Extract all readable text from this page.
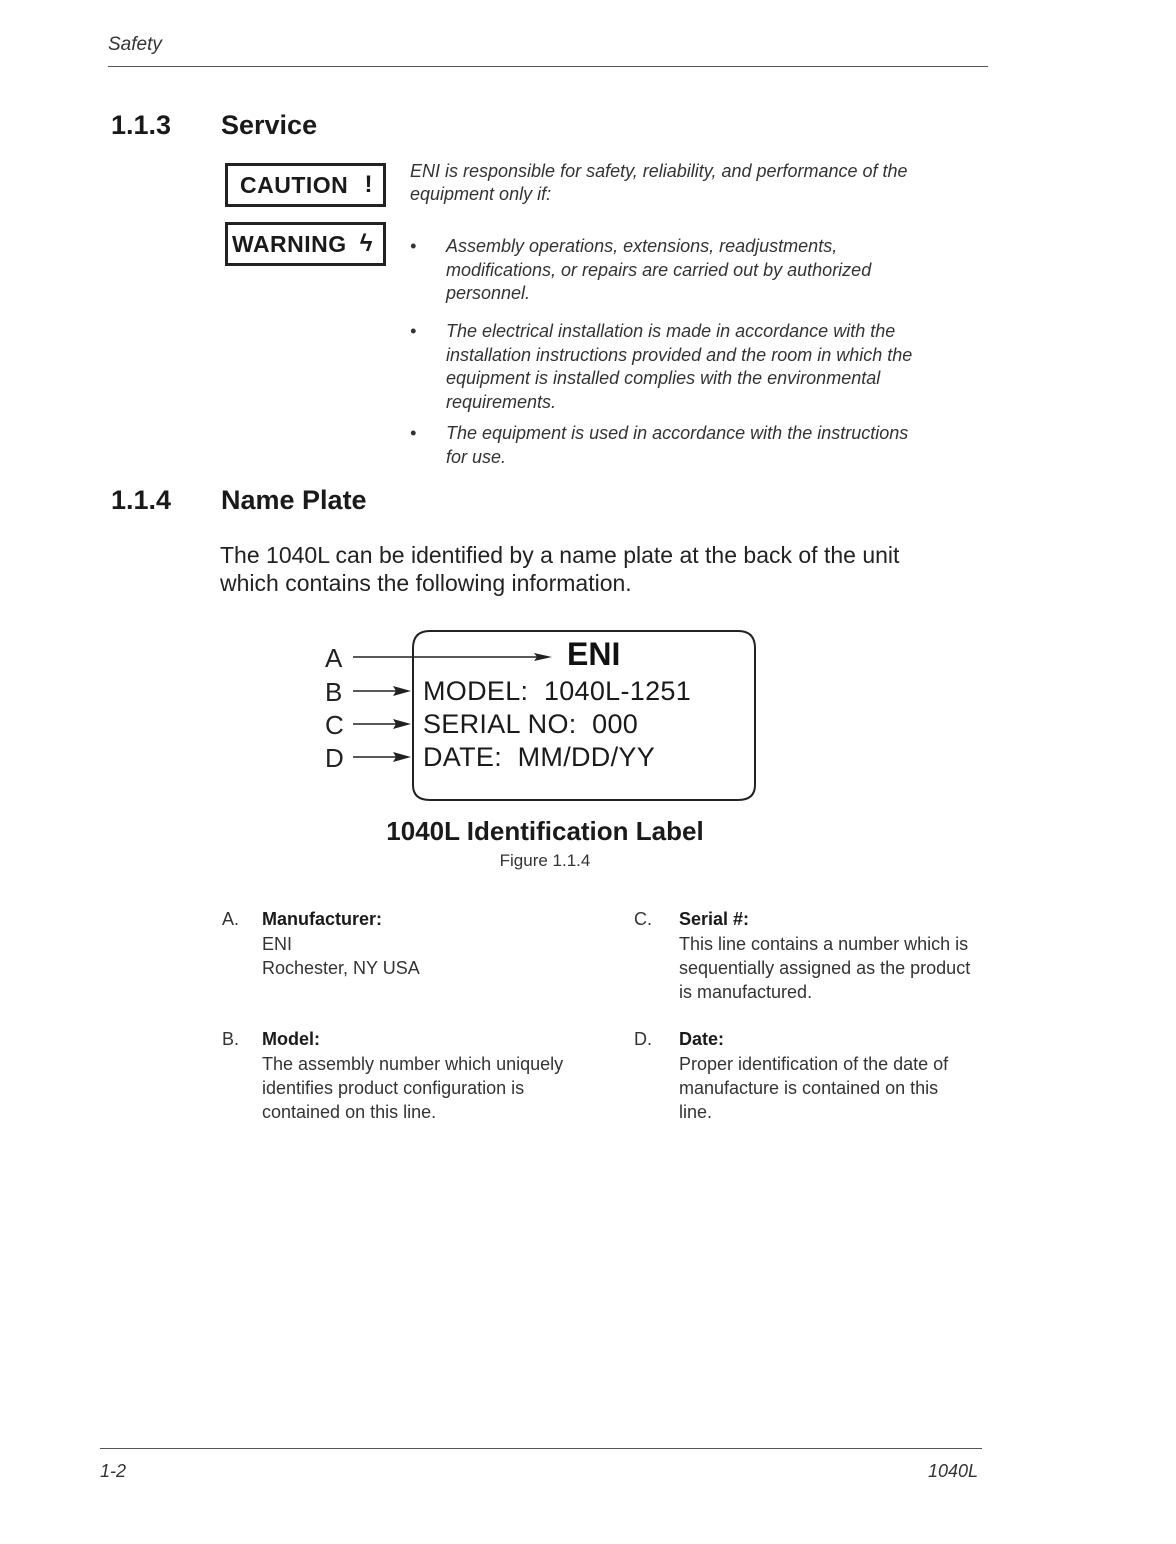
Safety
1.1.3 Service
CAUTION !
WARNING ϟ
ENI is responsible for safety, reliability, and performance of the
equipment only if:
• Assembly operations, extensions, readjustments,
modifications, or repairs are carried out by authorized
personnel.
• The electrical installation is made in accordance with the
installation instructions provided and the room in which the
equipment is installed complies with the environmental
requirements.
• The equipment is used in accordance with the instructions
for use.
1.1.4 Name Plate
The 1040L can be identified by a name plate at the back of the unit
which contains the following information.
A
B
C
D
ENI
MODEL:  1040L-1251
SERIAL NO:  000
DATE:  MM/DD/YY
1040L Identification Label
Figure 1.1.4
A. Manufacturer:
ENI
Rochester, NY USA
B. Model:
The assembly number which uniquely
identifies product configuration is
contained on this line.
C. Serial #:
This line contains a number which is
sequentially assigned as the product
is manufactured.
D. Date:
Proper identification of the date of
manufacture is contained on this
line.
1-2	1040L
